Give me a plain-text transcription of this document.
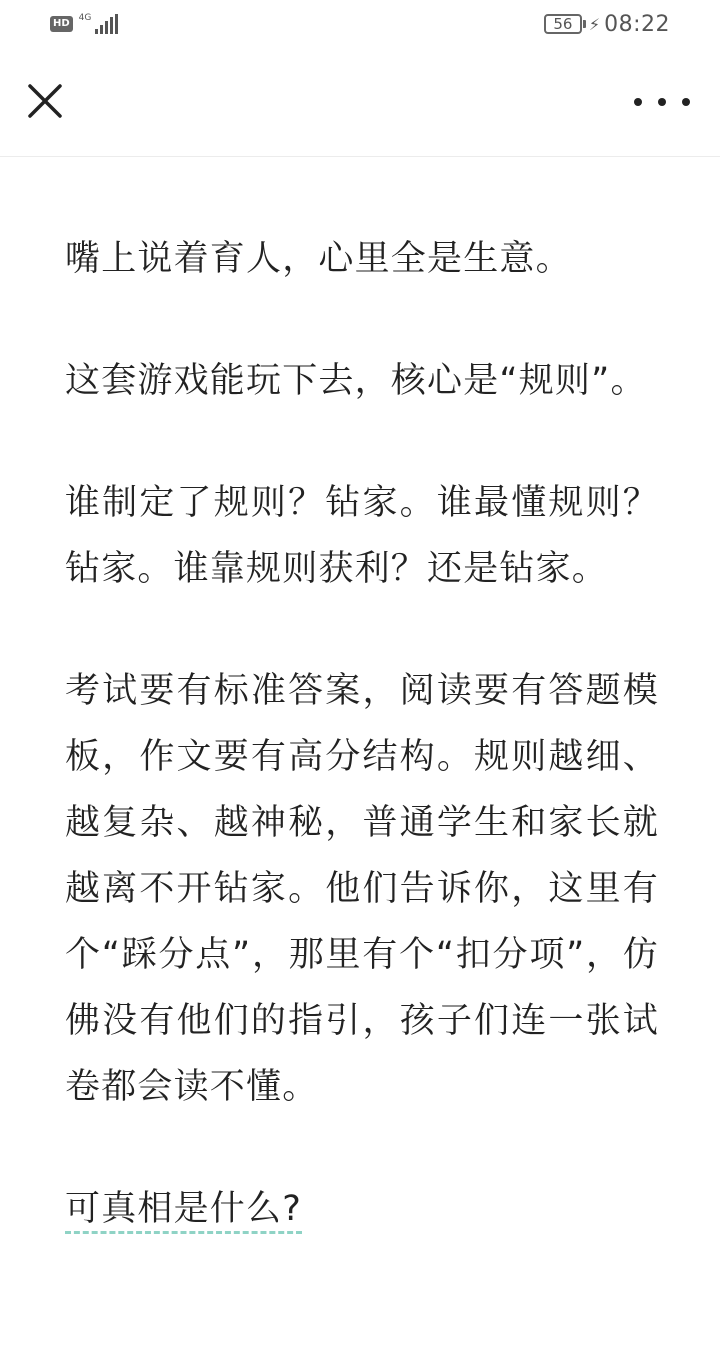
HD
4G	56	⚡ 08:22

嘴上说着育人，心里全是生意。

这套游戏能玩下去，核心是“规则”。

谁制定了规则？钻家。谁最懂规则？钻家。谁靠规则获利？还是钻家。

考试要有标准答案，阅读要有答题模板，作文要有高分结构。规则越细、越复杂、越神秘，普通学生和家长就越离不开钻家。他们告诉你，这里有个“踩分点”，那里有个“扣分项”，仿佛没有他们的指引，孩子们连一张试卷都会读不懂。

可真相是什么?
